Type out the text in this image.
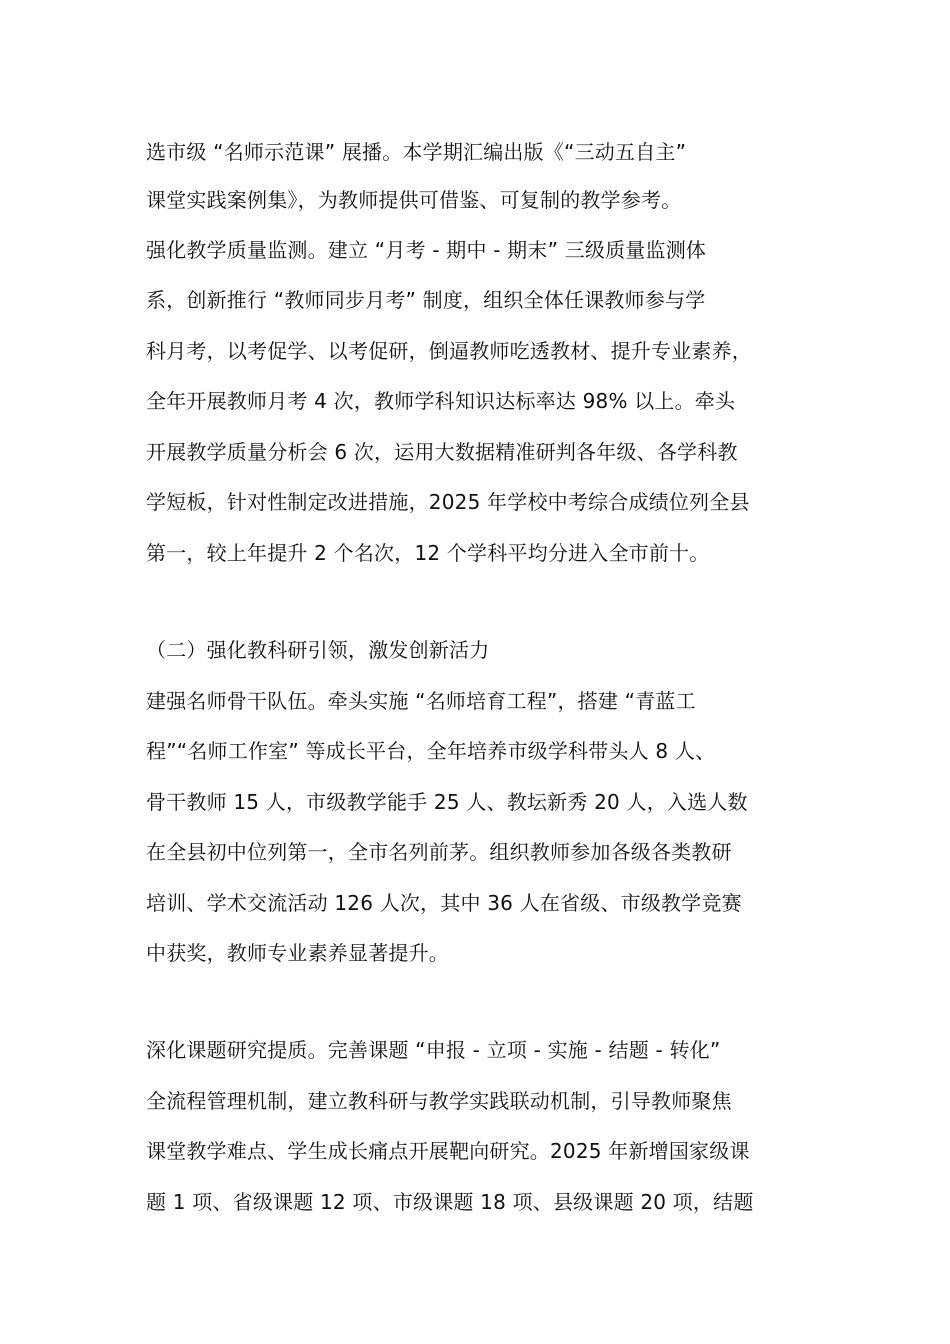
选市级 “名师示范课” 展播。本学期汇编出版《“三动五自主”
课堂实践案例集》，为教师提供可借鉴、可复制的教学参考。
强化教学质量监测。建立 “月考 - 期中 - 期末” 三级质量监测体
系，创新推行 “教师同步月考” 制度，组织全体任课教师参与学
科月考，以考促学、以考促研，倒逼教师吃透教材、提升专业素养，
全年开展教师月考 4 次，教师学科知识达标率达 98% 以上。牵头
开展教学质量分析会 6 次，运用大数据精准研判各年级、各学科教
学短板，针对性制定改进措施，2025 年学校中考综合成绩位列全县
第一，较上年提升 2 个名次，12 个学科平均分进入全市前十。
（二）强化教科研引领，激发创新活力
建强名师骨干队伍。牵头实施 “名师培育工程”，搭建 “青蓝工
程”“名师工作室” 等成长平台，全年培养市级学科带头人 8 人、
骨干教师 15 人，市级教学能手 25 人、教坛新秀 20 人，入选人数
在全县初中位列第一，全市名列前茅。组织教师参加各级各类教研
培训、学术交流活动 126 人次，其中 36 人在省级、市级教学竞赛
中获奖，教师专业素养显著提升。
深化课题研究提质。完善课题 “申报 - 立项 - 实施 - 结题 - 转化”
全流程管理机制，建立教科研与教学实践联动机制，引导教师聚焦
课堂教学难点、学生成长痛点开展靶向研究。2025 年新增国家级课
题 1 项、省级课题 12 项、市级课题 18 项、县级课题 20 项，结题
